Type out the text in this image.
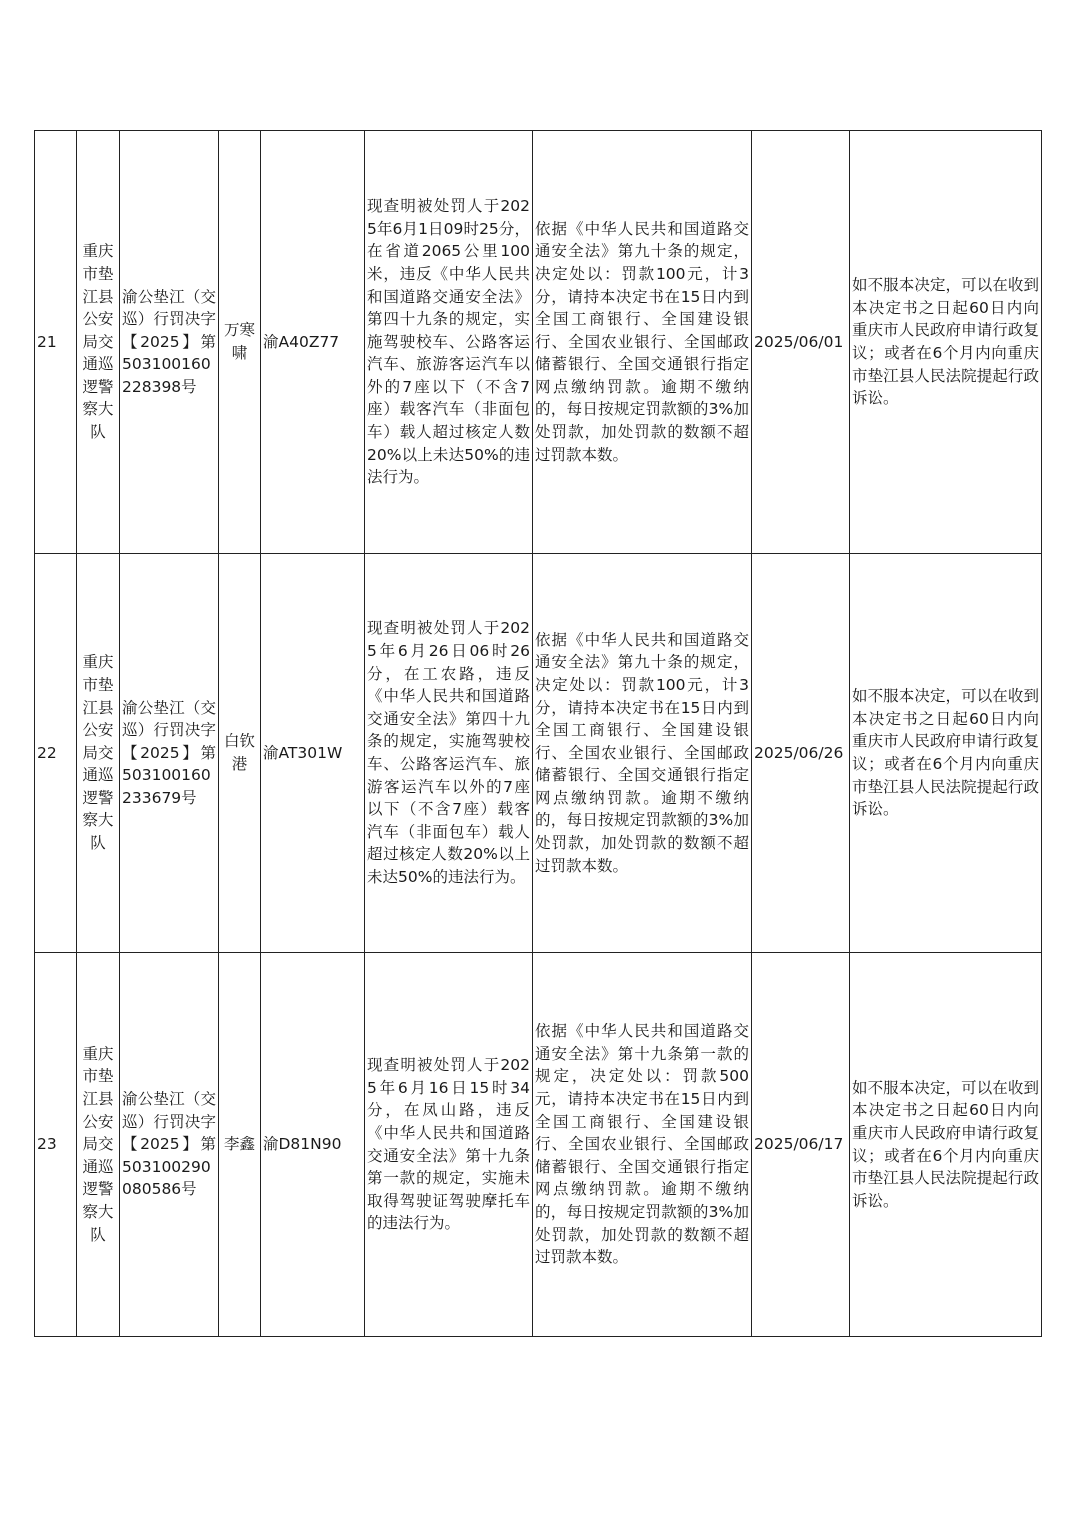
21	重庆市垫江县公安局交通巡逻警察大队	渝公垫江（交巡）行罚决字【2025】第503100160228398号	万寒啸	渝A40Z77	现查明被处罚人于2025年6月1日09时25分，在省道2065公里100米，违反《中华人民共和国道路交通安全法》第四十九条的规定，实施驾驶校车、公路客运汽车、旅游客运汽车以外的7座以下（不含7座）载客汽车（非面包车）载人超过核定人数20%以上未达50%的违法行为。	依据《中华人民共和国道路交通安全法》第九十条的规定，决定处以：罚款100元，计3分，请持本决定书在15日内到全国工商银行、全国建设银行、全国农业银行、全国邮政储蓄银行、全国交通银行指定网点缴纳罚款。逾期不缴纳的，每日按规定罚款额的3%加处罚款，加处罚款的数额不超过罚款本数。	2025/06/01	如不服本决定，可以在收到本决定书之日起60日内向重庆市人民政府申请行政复议；或者在6个月内向重庆市垫江县人民法院提起行政诉讼。
22	重庆市垫江县公安局交通巡逻警察大队	渝公垫江（交巡）行罚决字【2025】第503100160233679号	白钦港	渝AT301W	现查明被处罚人于2025年6月26日06时26分，在工农路，违反《中华人民共和国道路交通安全法》第四十九条的规定，实施驾驶校车、公路客运汽车、旅游客运汽车以外的7座以下（不含7座）载客汽车（非面包车）载人超过核定人数20%以上未达50%的违法行为。	依据《中华人民共和国道路交通安全法》第九十条的规定，决定处以：罚款100元，计3分，请持本决定书在15日内到全国工商银行、全国建设银行、全国农业银行、全国邮政储蓄银行、全国交通银行指定网点缴纳罚款。逾期不缴纳的，每日按规定罚款额的3%加处罚款，加处罚款的数额不超过罚款本数。	2025/06/26	如不服本决定，可以在收到本决定书之日起60日内向重庆市人民政府申请行政复议；或者在6个月内向重庆市垫江县人民法院提起行政诉讼。
23	重庆市垫江县公安局交通巡逻警察大队	渝公垫江（交巡）行罚决字【2025】第503100290080586号	李鑫	渝D81N90	现查明被处罚人于2025年6月16日15时34分，在凤山路，违反《中华人民共和国道路交通安全法》第十九条第一款的规定，实施未取得驾驶证驾驶摩托车的违法行为。	依据《中华人民共和国道路交通安全法》第十九条第一款的规定，决定处以：罚款500元，请持本决定书在15日内到全国工商银行、全国建设银行、全国农业银行、全国邮政储蓄银行、全国交通银行指定网点缴纳罚款。逾期不缴纳的，每日按规定罚款额的3%加处罚款，加处罚款的数额不超过罚款本数。	2025/06/17	如不服本决定，可以在收到本决定书之日起60日内向重庆市人民政府申请行政复议；或者在6个月内向重庆市垫江县人民法院提起行政诉讼。
